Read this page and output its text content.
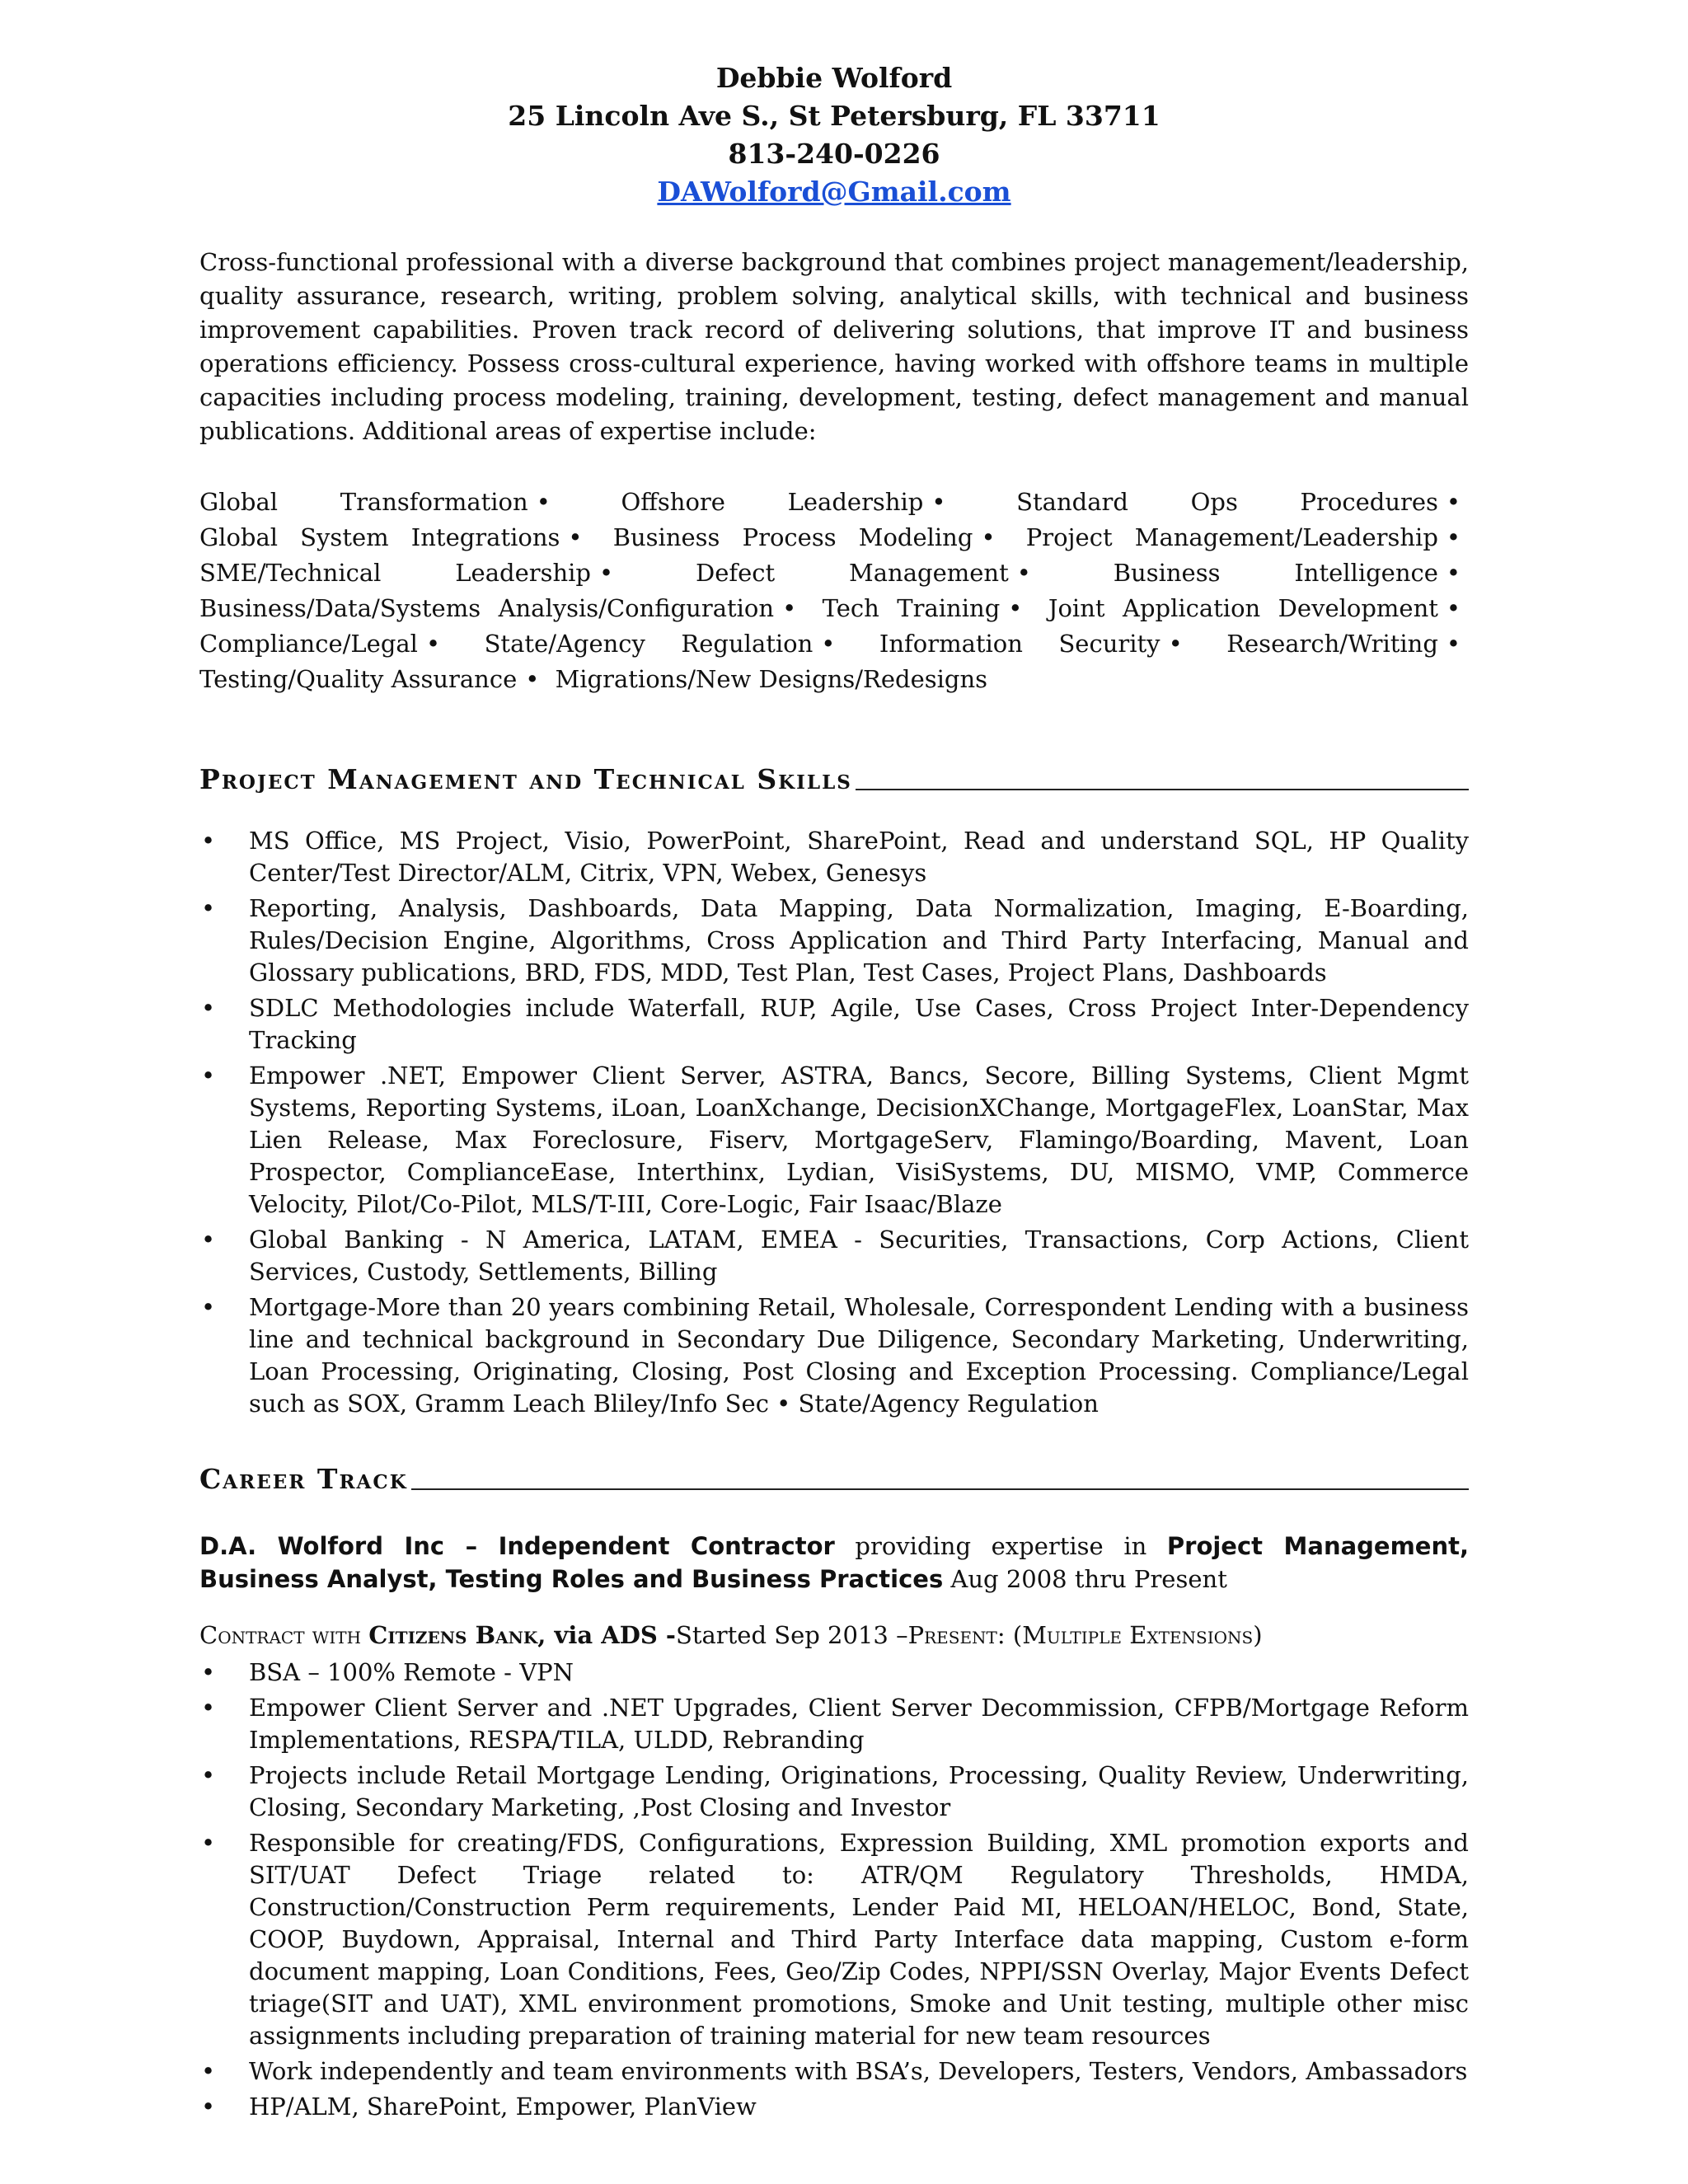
Debbie Wolford
25 Lincoln Ave S., St Petersburg, FL 33711
813-240-0226
DAWolford@Gmail.com

Cross-functional professional with a diverse background that combines project management/leadership, quality assurance, research, writing, problem solving, analytical skills, with technical and business improvement capabilities. Proven track record of delivering solutions, that improve IT and business operations efficiency. Possess cross-cultural experience, having worked with offshore teams in multiple capacities including process modeling, training, development, testing, defect management and manual publications. Additional areas of expertise include:

Global Transformation •	Offshore Leadership •	Standard Ops Procedures • Global System Integrations • Business Process Modeling • Project Management/Leadership • SME/Technical Leadership •	Defect Management •	Business Intelligence • Business/Data/Systems Analysis/Configuration • Tech Training • Joint Application Development • Compliance/Legal • State/Agency Regulation • Information Security • Research/Writing • Testing/Quality Assurance • Migrations/New Designs/Redesigns
Project Management and Technical Skills
• MS Office, MS Project, Visio, PowerPoint, SharePoint, Read and understand SQL, HP Quality Center/Test Director/ALM, Citrix, VPN, Webex, Genesys
• Reporting, Analysis, Dashboards, Data Mapping, Data Normalization, Imaging, E-Boarding, Rules/Decision Engine, Algorithms, Cross Application and Third Party Interfacing, Manual and Glossary publications, BRD, FDS, MDD, Test Plan, Test Cases, Project Plans, Dashboards
• SDLC Methodologies include Waterfall, RUP, Agile, Use Cases, Cross Project Inter-Dependency Tracking
• Empower .NET, Empower Client Server, ASTRA, Bancs, Secore, Billing Systems, Client Mgmt Systems, Reporting Systems, iLoan, LoanXchange, DecisionXChange, MortgageFlex, LoanStar, Max Lien Release, Max Foreclosure, Fiserv, MortgageServ, Flamingo/Boarding, Mavent, Loan Prospector, ComplianceEase, Interthinx, Lydian, VisiSystems, DU, MISMO, VMP, Commerce Velocity, Pilot/Co-Pilot, MLS/T-III, Core-Logic, Fair Isaac/Blaze
• Global Banking - N America, LATAM, EMEA - Securities, Transactions, Corp Actions, Client Services, Custody, Settlements, Billing
• Mortgage-More than 20 years combining Retail, Wholesale, Correspondent Lending with a business line and technical background in Secondary Due Diligence, Secondary Marketing, Underwriting, Loan Processing, Originating, Closing, Post Closing and Exception Processing. Compliance/Legal such as SOX, Gramm Leach Bliley/Info Sec • State/Agency Regulation
Career Track
D.A. Wolford Inc – Independent Contractor providing expertise in Project Management, Business Analyst, Testing Roles and Business Practices Aug 2008 thru Present
Contract with Citizens Bank, via ADS -Started Sep 2013 –Present: (Multiple Extensions)
• BSA – 100% Remote - VPN
• Empower Client Server and .NET Upgrades, Client Server Decommission, CFPB/Mortgage Reform Implementations, RESPA/TILA, ULDD, Rebranding
• Projects include Retail Mortgage Lending, Originations, Processing, Quality Review, Underwriting, Closing, Secondary Marketing, ,Post Closing and Investor
• Responsible for creating/FDS, Configurations, Expression Building, XML promotion exports and SIT/UAT Defect Triage related to: ATR/QM Regulatory Thresholds, HMDA, Construction/Construction Perm requirements, Lender Paid MI, HELOAN/HELOC, Bond, State, COOP, Buydown, Appraisal, Internal and Third Party Interface data mapping, Custom e-form document mapping, Loan Conditions, Fees, Geo/Zip Codes, NPPI/SSN Overlay, Major Events Defect triage(SIT and UAT), XML environment promotions, Smoke and Unit testing, multiple other misc assignments including preparation of training material for new team resources
• Work independently and team environments with BSA’s, Developers, Testers, Vendors, Ambassadors
• HP/ALM, SharePoint, Empower, PlanView
